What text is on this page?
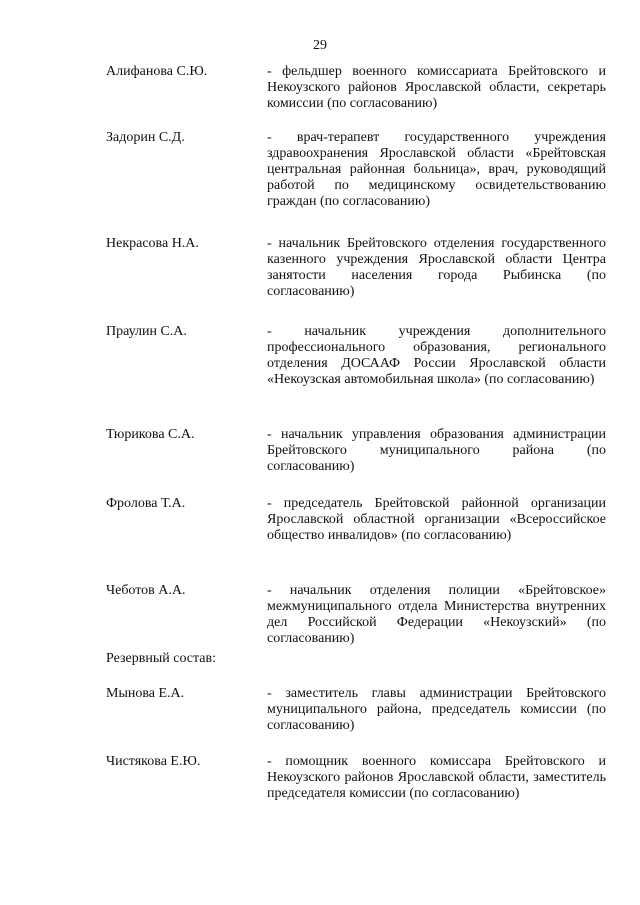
29
Алифанова С.Ю.	- фельдшер военного комиссариата Брейтовского и Некоузского районов Ярославской области, секретарь комиссии (по согласованию)
Задорин С.Д.	- врач-терапевт государственного учреждения здравоохранения Ярославской области «Брейтовская центральная районная больница», врач, руководящий работой по медицинскому освидетельствованию граждан (по согласованию)
Некрасова Н.А.	- начальник Брейтовского отделения государственного казенного учреждения Ярославской области Центра занятости населения города Рыбинска (по согласованию)
Праулин С.А.	- начальник учреждения дополнительного профессионального образования, регионального отделения ДОСААФ России Ярославской области «Некоузская автомобильная школа» (по согласованию)
Тюрикова С.А.	- начальник управления образования администрации Брейтовского муниципального района (по согласованию)
Фролова Т.А.	- председатель Брейтовской районной организации Ярославской областной организации «Всероссийское общество инвалидов» (по согласованию)
Чеботов А.А.	- начальник отделения полиции «Брейтовское» межмуниципального отдела Министерства внутренних дел Российской Федерации «Некоузский» (по согласованию)
Резервный состав:
Мынова Е.А.	- заместитель главы администрации Брейтовского муниципального района, председатель комиссии (по согласованию)
Чистякова Е.Ю.	- помощник военного комиссара Брейтовского и Некоузского районов Ярославской области, заместитель председателя комиссии (по согласованию)
